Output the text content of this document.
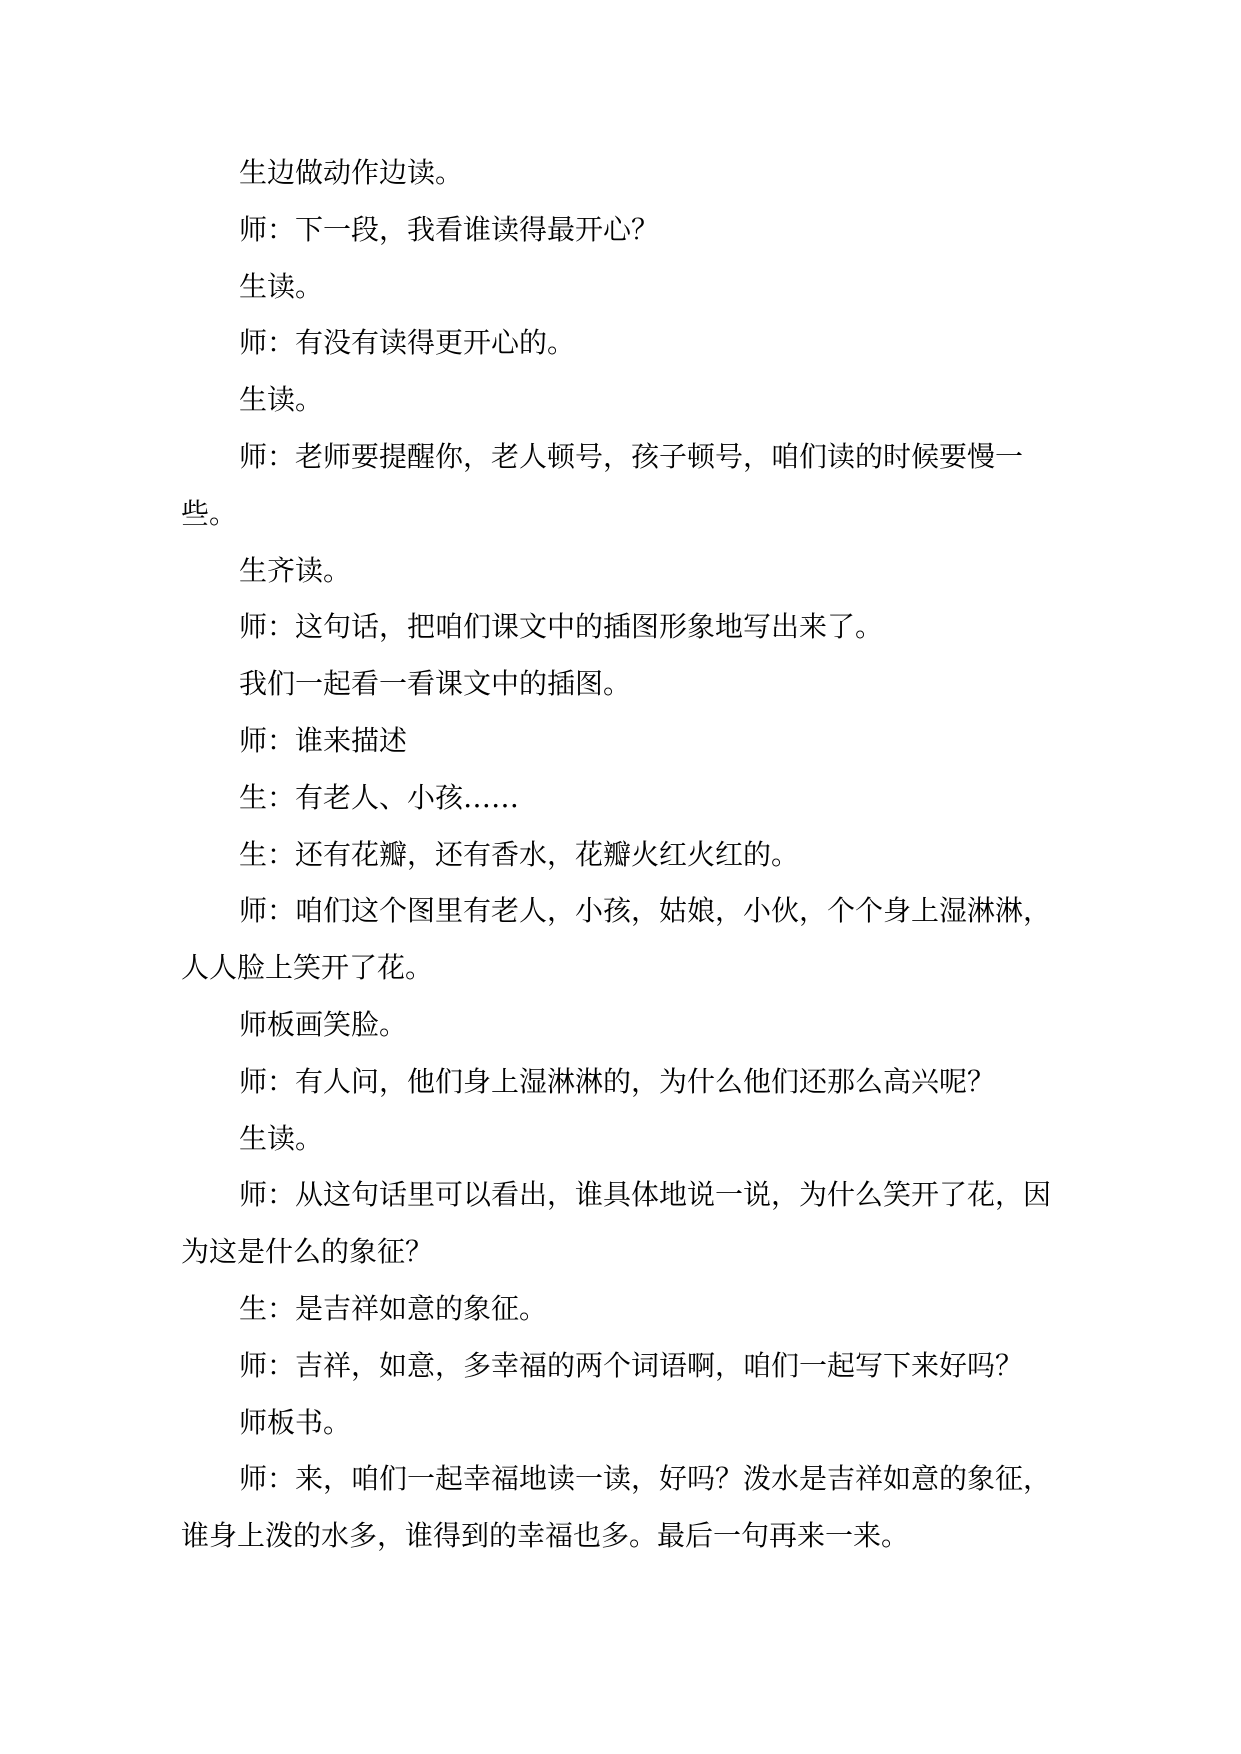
生边做动作边读。

师：下一段，我看谁读得最开心？

生读。

师：有没有读得更开心的。

生读。

师：老师要提醒你，老人顿号，孩子顿号，咱们读的时候要慢一些。

生齐读。

师：这句话，把咱们课文中的插图形象地写出来了。

我们一起看一看课文中的插图。

师：谁来描述

生：有老人、小孩……

生：还有花瓣，还有香水，花瓣火红火红的。

师：咱们这个图里有老人，小孩，姑娘，小伙，个个身上湿淋淋，人人脸上笑开了花。

师板画笑脸。

师：有人问，他们身上湿淋淋的，为什么他们还那么高兴呢？

生读。

师：从这句话里可以看出，谁具体地说一说，为什么笑开了花，因为这是什么的象征？

生：是吉祥如意的象征。

师：吉祥，如意，多幸福的两个词语啊，咱们一起写下来好吗？

师板书。

师：来，咱们一起幸福地读一读，好吗？泼水是吉祥如意的象征，谁身上泼的水多，谁得到的幸福也多。最后一句再来一来。
